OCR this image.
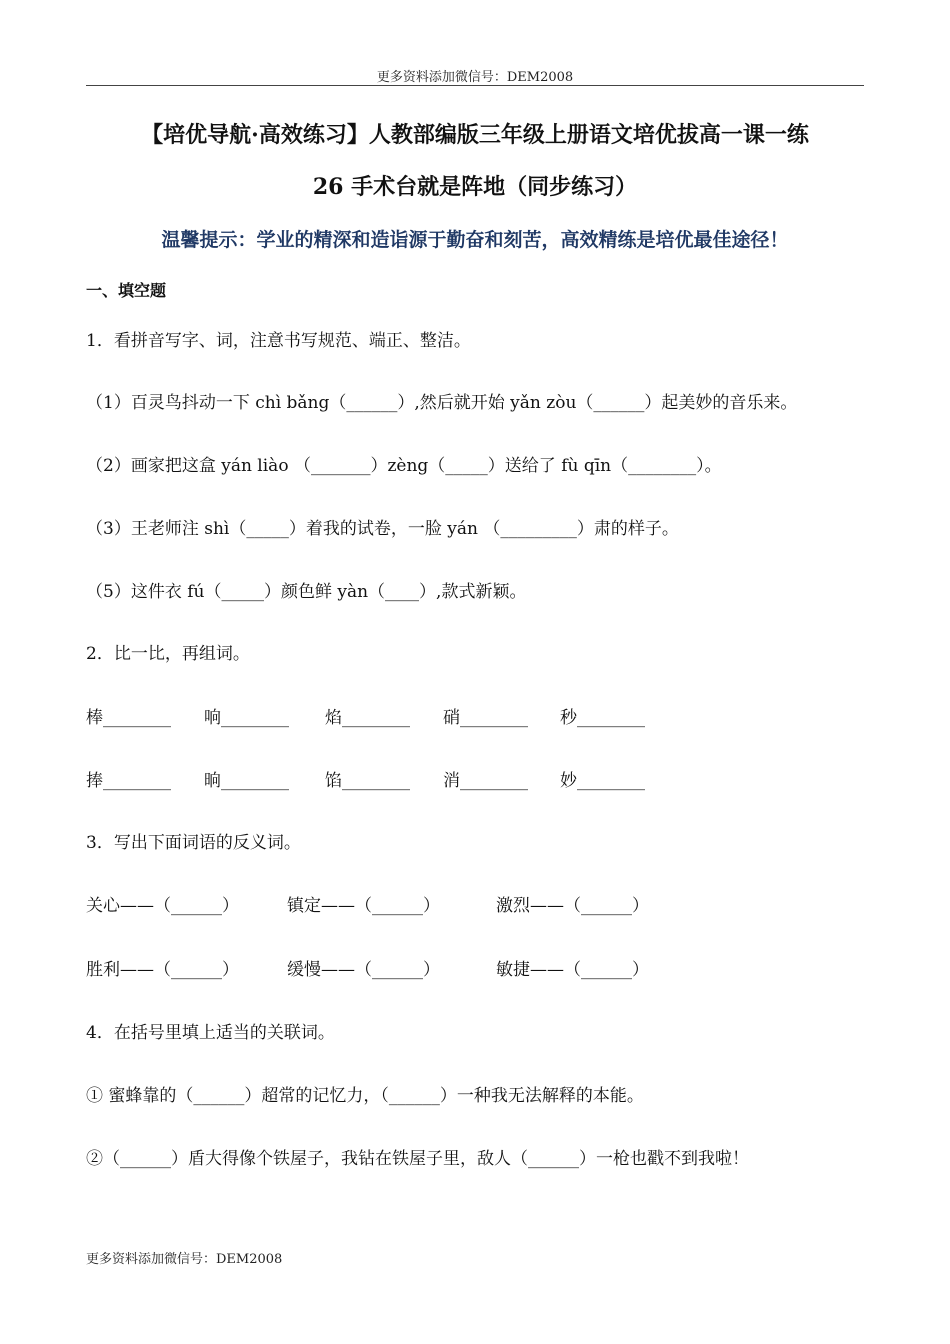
更多资料添加微信号：DEM2008
【培优导航·高效练习】人教部编版三年级上册语文培优拔高一课一练
26 手术台就是阵地（同步练习）
温馨提示：学业的精深和造诣源于勤奋和刻苦，高效精练是培优最佳途径！
一、填空题
1．看拼音写字、词，注意书写规范、端正、整洁。
（1）百灵鸟抖动一下 chì bǎng（______）,然后就开始 yǎn zòu（______）起美妙的音乐来。
（2）画家把这盒 yán liào （_______）zèng（_____）送给了 fù qīn（________）。
（3）王老师注 shì（_____）着我的试卷，一脸 yán （_________）肃的样子。
（5）这件衣 fú（_____）颜色鲜 yàn（____）,款式新颖。
2．比一比，再组词。
棒________ 响________ 焰________ 硝________ 秒________
捧________ 晌________ 馅________ 消________ 妙________
3．写出下面词语的反义词。
关心——（______）	镇定——（______）	激烈——（______）
胜利——（______）	缓慢——（______）	敏捷——（______）
4．在括号里填上适当的关联词。
① 蜜蜂靠的（______）超常的记忆力，（______）一种我无法解释的本能。
②（______）盾大得像个铁屋子，我钻在铁屋子里，敌人（______）一枪也戳不到我啦！
更多资料添加微信号：DEM2008
